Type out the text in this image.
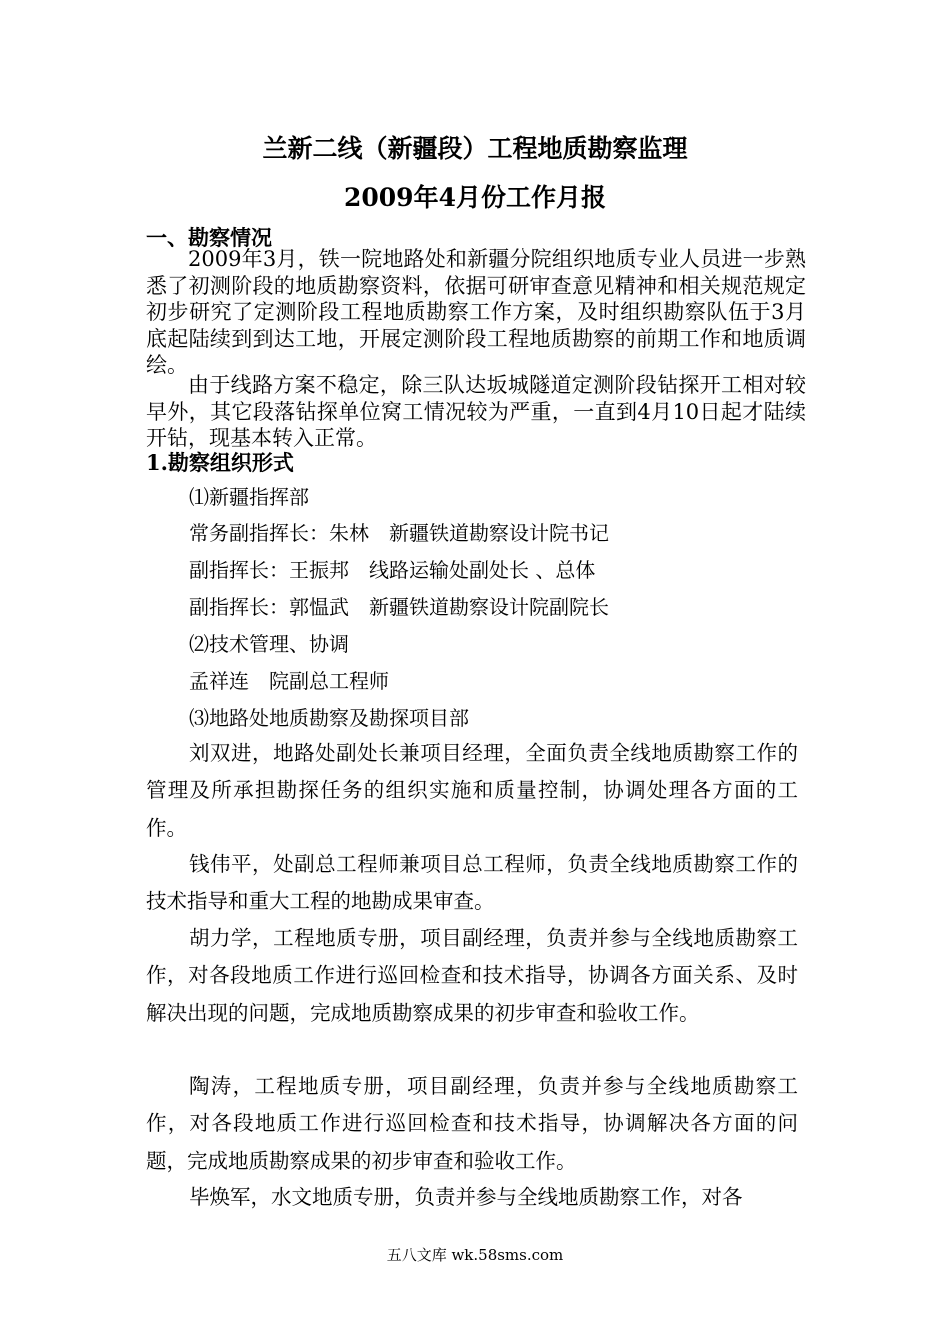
兰新二线（新疆段）工程地质勘察监理
2009年4月份工作月报
一、勘察情况

2009年3月，铁一院地路处和新疆分院组织地质专业人员进一步熟悉了初测阶段的地质勘察资料，依据可研审查意见精神和相关规范规定初步研究了定测阶段工程地质勘察工作方案，及时组织勘察队伍于3月底起陆续到到达工地，开展定测阶段工程地质勘察的前期工作和地质调绘。

由于线路方案不稳定，除三队达坂城隧道定测阶段钻探开工相对较早外，其它段落钻探单位窝工情况较为严重，一直到4月10日起才陆续开钻，现基本转入正常。

1.勘察组织形式
⑴新疆指挥部
常务副指挥长：朱林　新疆铁道勘察设计院书记
副指挥长：王振邦　线路运输处副处长 、总体
副指挥长：郭愠武　新疆铁道勘察设计院副院长
⑵技术管理、协调
孟祥连　院副总工程师
⑶地路处地质勘察及勘探项目部

刘双进，地路处副处长兼项目经理，全面负责全线地质勘察工作的管理及所承担勘探任务的组织实施和质量控制，协调处理各方面的工作。

钱伟平，处副总工程师兼项目总工程师，负责全线地质勘察工作的技术指导和重大工程的地勘成果审查。

胡力学，工程地质专册，项目副经理，负责并参与全线地质勘察工作，对各段地质工作进行巡回检查和技术指导，协调各方面关系、及时解决出现的问题，完成地质勘察成果的初步审查和验收工作。

陶涛，工程地质专册，项目副经理，负责并参与全线地质勘察工作，对各段地质工作进行巡回检查和技术指导，协调解决各方面的问题，完成地质勘察成果的初步审查和验收工作。

毕焕军，水文地质专册，负责并参与全线地质勘察工作，对各

五八文库 wk.58sms.com
